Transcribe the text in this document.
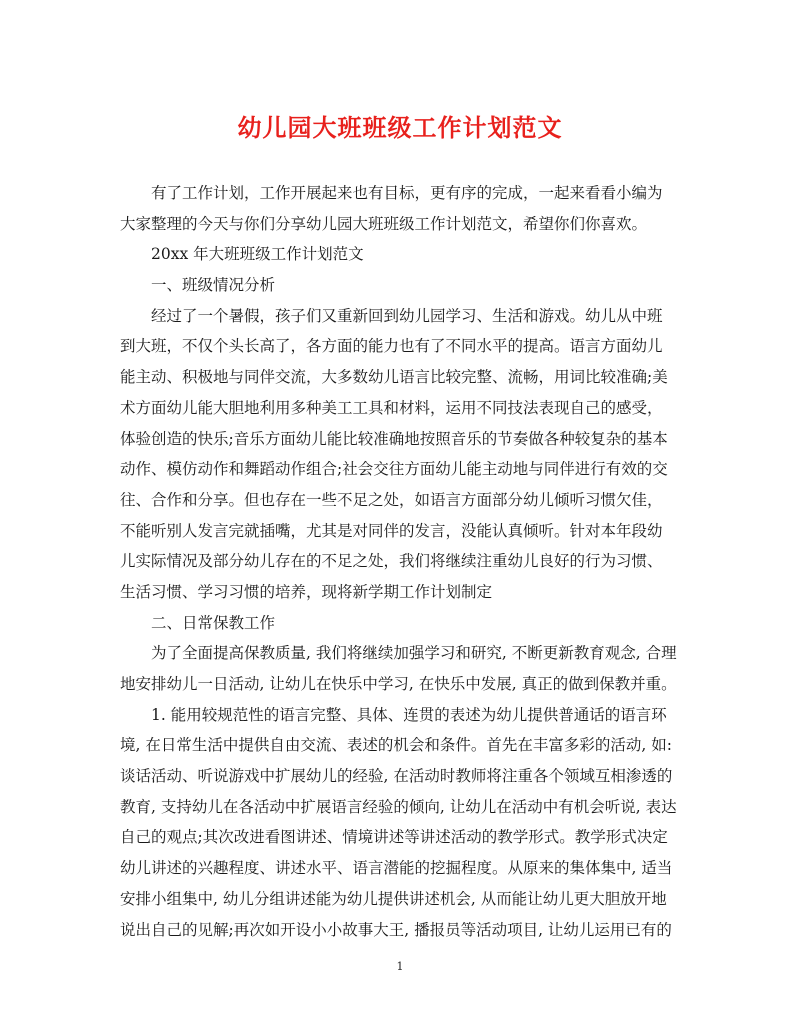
幼儿园大班班级工作计划范文
有了工作计划，工作开展起来也有目标，更有序的完成，一起来看看小编为
大家整理的今天与你们分享幼儿园大班班级工作计划范文，希望你们你喜欢。
20xx 年大班班级工作计划范文
一、班级情况分析
经过了一个暑假，孩子们又重新回到幼儿园学习、生活和游戏。幼儿从中班
到大班，不仅个头长高了，各方面的能力也有了不同水平的提高。语言方面幼儿
能主动、积极地与同伴交流，大多数幼儿语言比较完整、流畅，用词比较准确;美
术方面幼儿能大胆地利用多种美工工具和材料，运用不同技法表现自己的感受，
体验创造的快乐;音乐方面幼儿能比较准确地按照音乐的节奏做各种较复杂的基本
动作、模仿动作和舞蹈动作组合;社会交往方面幼儿能主动地与同伴进行有效的交
往、合作和分享。但也存在一些不足之处，如语言方面部分幼儿倾听习惯欠佳，
不能听别人发言完就插嘴，尤其是对同伴的发言，没能认真倾听。针对本年段幼
儿实际情况及部分幼儿存在的不足之处，我们将继续注重幼儿良好的行为习惯、
生活习惯、学习习惯的培养，现将新学期工作计划制定
二、日常保教工作
为了全面提高保教质量, 我们将继续加强学习和研究, 不断更新教育观念, 合理
地安排幼儿一日活动, 让幼儿在快乐中学习, 在快乐中发展, 真正的做到保教并重。
1. 能用较规范性的语言完整、具体、连贯的表述为幼儿提供普通话的语言环
境, 在日常生活中提供自由交流、表述的机会和条件。首先在丰富多彩的活动, 如:
谈话活动、听说游戏中扩展幼儿的经验, 在活动时教师将注重各个领域互相渗透的
教育, 支持幼儿在各活动中扩展语言经验的倾向, 让幼儿在活动中有机会听说, 表达
自己的观点;其次改进看图讲述、情境讲述等讲述活动的教学形式。教学形式决定
幼儿讲述的兴趣程度、讲述水平、语言潜能的挖掘程度。从原来的集体集中, 适当
安排小组集中, 幼儿分组讲述能为幼儿提供讲述机会, 从而能让幼儿更大胆放开地
说出自己的见解;再次如开设小小故事大王, 播报员等活动项目, 让幼儿运用已有的
1
